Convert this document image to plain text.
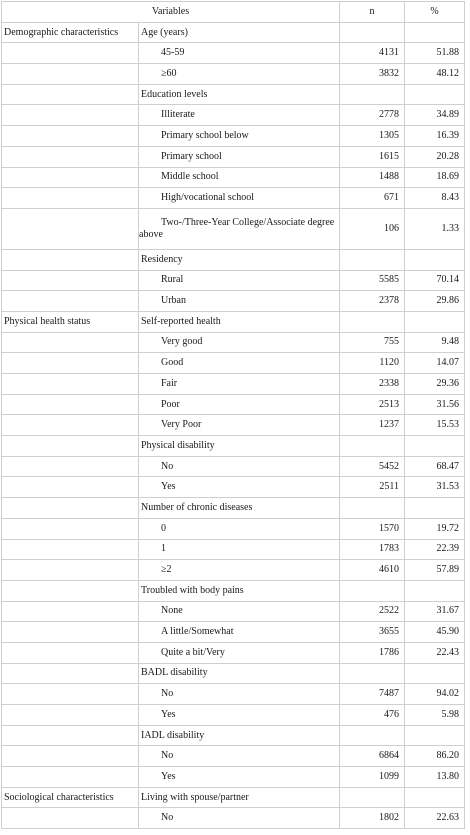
Variables		n	%
Demographic characteristics	Age (years)		
	45-59	4131	51.88
	≥60	3832	48.12
	Education levels		
	Illiterate	2778	34.89
	Primary school below	1305	16.39
	Primary school	1615	20.28
	Middle school	1488	18.69
	High/vocational school	671	8.43
	Two-/Three-Year College/Associate degree above	106	1.33
	Residency		
	Rural	5585	70.14
	Urban	2378	29.86
Physical health status	Self-reported health		
	Very good	755	9.48
	Good	1120	14.07
	Fair	2338	29.36
	Poor	2513	31.56
	Very Poor	1237	15.53
	Physical disability		
	No	5452	68.47
	Yes	2511	31.53
	Number of chronic diseases		
	0	1570	19.72
	1	1783	22.39
	≥2	4610	57.89
	Troubled with body pains		
	None	2522	31.67
	A little/Somewhat	3655	45.90
	Quite a bit/Very	1786	22.43
	BADL disability		
	No	7487	94.02
	Yes	476	5.98
	IADL disability		
	No	6864	86.20
	Yes	1099	13.80
Sociological characteristics	Living with spouse/partner		
	No	1802	22.63
